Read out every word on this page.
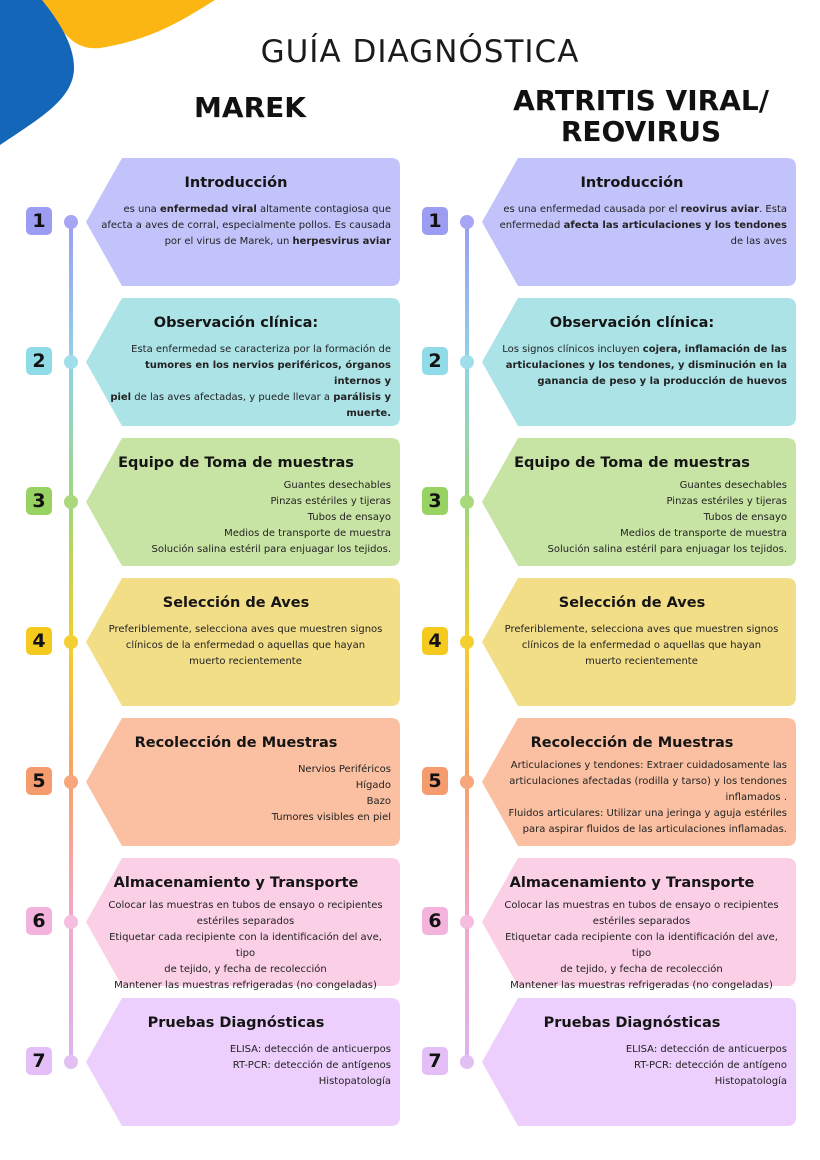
GUÍA DIAGNÓSTICA
MAREK
1
Introducción

es una enfermedad viral altamente contagiosa que

afecta a aves de corral, especialmente pollos. Es causada

por el virus de Marek, un herpesvirus aviar

2
Observación clínica:

Esta enfermedad se caracteriza por la formación de

tumores en los nervios periféricos, órganos internos y

piel de las aves afectadas, y puede llevar a parálisis y

muerte.

3
Equipo de Toma de muestras

Guantes desechables

Pinzas estériles y tijeras

Tubos de ensayo

Medios de transporte de muestra

Solución salina estéril para enjuagar los tejidos.

4
Selección de Aves

Preferiblemente, selecciona aves que muestren signos

clínicos de la enfermedad o aquellas que hayan

muerto recientemente

5
Recolección de Muestras

Nervios Periféricos

Hígado

Bazo

Tumores visibles en piel

6
Almacenamiento y Transporte

Colocar las muestras en tubos de ensayo o recipientes

estériles separados

Etiquetar cada recipiente con la identificación del ave, tipo

de tejido, y fecha de recolección

Mantener las muestras refrigeradas (no congeladas)

7
Pruebas Diagnósticas

ELISA: detección de anticuerpos

RT-PCR: detección de antígenos

Histopatología

ARTRITIS VIRAL/
REOVIRUS
1
Introducción

es una enfermedad causada por el reovirus aviar. Esta

enfermedad afecta las articulaciones y los tendones

de las aves

2
Observación clínica:

Los signos clínicos incluyen cojera, inflamación de las

articulaciones y los tendones, y disminución en la

ganancia de peso y la producción de huevos

3
Equipo de Toma de muestras

Guantes desechables

Pinzas estériles y tijeras

Tubos de ensayo

Medios de transporte de muestra

Solución salina estéril para enjuagar los tejidos.

4
Selección de Aves

Preferiblemente, selecciona aves que muestren signos

clínicos de la enfermedad o aquellas que hayan

muerto recientemente

5
Recolección de Muestras

Articulaciones y tendones: Extraer cuidadosamente las

articulaciones afectadas (rodilla y tarso) y los tendones

inflamados .

Fluidos articulares: Utilizar una jeringa y aguja estériles

para aspirar fluidos de las articulaciones inflamadas.

6
Almacenamiento y Transporte

Colocar las muestras en tubos de ensayo o recipientes

estériles separados

Etiquetar cada recipiente con la identificación del ave, tipo

de tejido, y fecha de recolección

Mantener las muestras refrigeradas (no congeladas)

7
Pruebas Diagnósticas

ELISA: detección de anticuerpos

RT-PCR: detección de antígeno

Histopatología
